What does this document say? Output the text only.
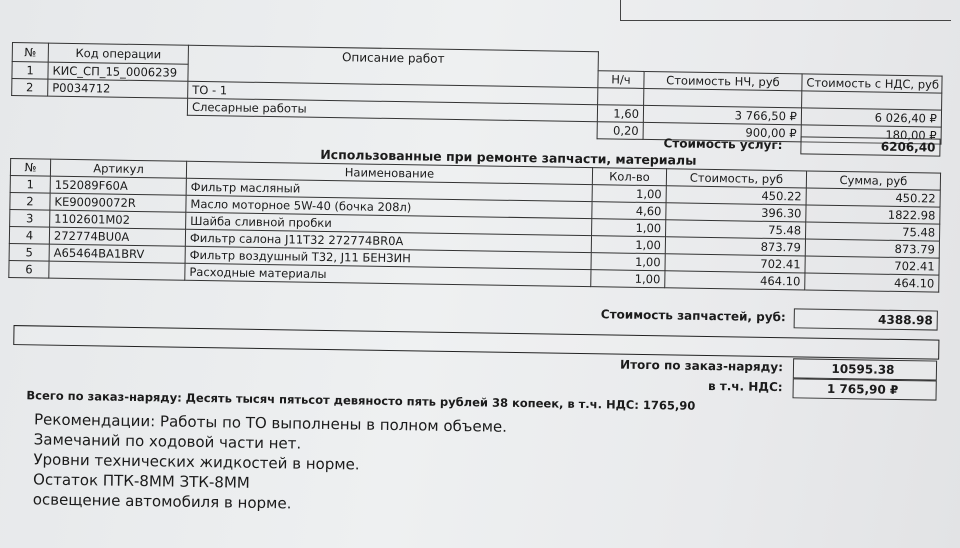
№	Код операции	Описание работ			
1	КИС_СП_15_0006239		Н/ч	Стоимость НЧ, руб	Стоимость с НДС, руб
2	P0034712	ТО - 1			
		Слесарные работы	1,60	3 766,50 ₽	6 026,40 ₽
			0,20	900,00 ₽	180,00 ₽
Стоимость услуг:	6206,40
Использованные при ремонте запчасти, материалы
№	Артикул	Наименование	Кол-во	Стоимость, руб	Сумма, руб
1	152089F60A	Фильтр масляный	1,00	450.22	450.22
2	KE90090072R	Масло моторное 5W-40 (бочка 208л)	4,60	396.30	1822.98
3	1102601M02	Шайба сливной пробки	1,00	75.48	75.48
4	272774BU0A	Фильтр салона J11T32 272774BR0A	1,00	873.79	873.79
5	A65464BA1BRV	Фильтр воздушный Т32, J11 БЕНЗИН	1,00	702.41	702.41
6		Расходные материалы	1,00	464.10	464.10
Стоимость запчастей, руб:	4388.98
Итого по заказ-наряду:	10595.38
в т.ч. НДС:	1 765,90 ₽
Всего по заказ-наряду: Десять тысяч пятьсот девяносто пять рублей 38 копеек, в т.ч. НДС: 1765,90
Рекомендации: Работы по ТО выполнены в полном объеме.
Замечаний по ходовой части нет.
Уровни технических жидкостей в норме.
Остаток ПТК-8ММ ЗТК-8ММ
освещение автомобиля в норме.
